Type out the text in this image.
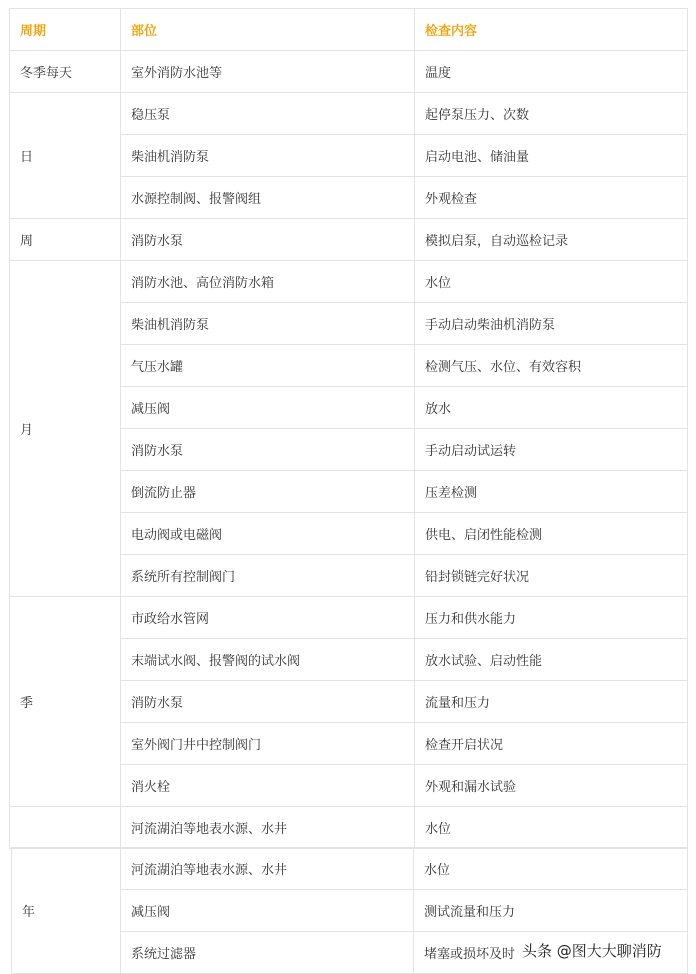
周期	部位	检查内容
冬季每天	室外消防水池等	温度
日	稳压泵	起停泵压力、次数
	柴油机消防泵	启动电池、储油量
	水源控制阀、报警阀组	外观检查
周	消防水泵	模拟启泵，自动巡检记录
月	消防水池、高位消防水箱	水位
	柴油机消防泵	手动启动柴油机消防泵
	气压水罐	检测气压、水位、有效容积
	减压阀	放水
	消防水泵	手动启动试运转
	倒流防止器	压差检测
	电动阀或电磁阀	供电、启闭性能检测
	系统所有控制阀门	铅封锁链完好状况
季	市政给水管网	压力和供水能力
	末端试水阀、报警阀的试水阀	放水试验、启动性能
	消防水泵	流量和压力
	室外阀门井中控制阀门	检查开启状况
	消火栓	外观和漏水试验
	河流湖泊等地表水源、水井	水位
年	河流湖泊等地表水源、水井	水位
	减压阀	测试流量和压力
	系统过滤器	堵塞或损坏及时 头条 @图大大聊消防
